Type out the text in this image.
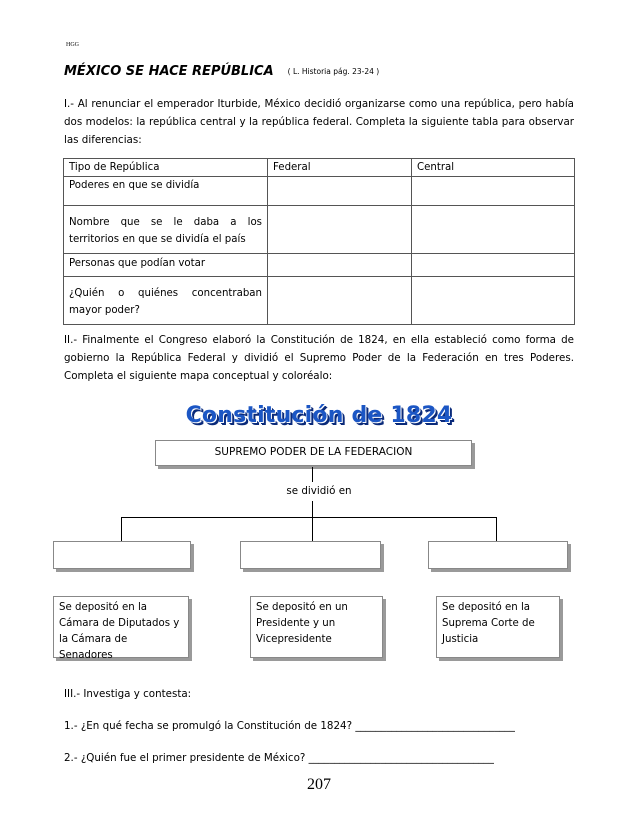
HGG
MÉXICO SE HACE REPÚBLICA ( L. Historia pág. 23-24 )
I.- Al renunciar el emperador Iturbide, México decidió organizarse como una república, pero había dos modelos: la república central y la república federal. Completa la siguiente tabla para observar las diferencias:
Tipo de República	Federal	Central
Poderes en que se dividía		
Nombre que se le daba a los territorios en que se dividía el país		
Personas que podían votar		
¿Quién o quiénes concentraban mayor poder?		
II.- Finalmente el Congreso elaboró la Constitución de 1824, en ella estableció como forma de gobierno la República Federal y dividió el Supremo Poder de la Federación en tres Poderes. Completa el siguiente mapa conceptual y coloréalo:
Constitución de 1824
SUPREMO PODER DE LA FEDERACION
se dividió en
Se depositó en la Cámara de Diputados y la Cámara de Senadores
Se depositó en un Presidente y un Vicepresidente
Se depositó en la Suprema Corte de Justicia
III.- Investiga y contesta:
1.- ¿En qué fecha se promulgó la Constitución de 1824? _______________________________
2.- ¿Quién fue el primer presidente de México? ____________________________________
207
